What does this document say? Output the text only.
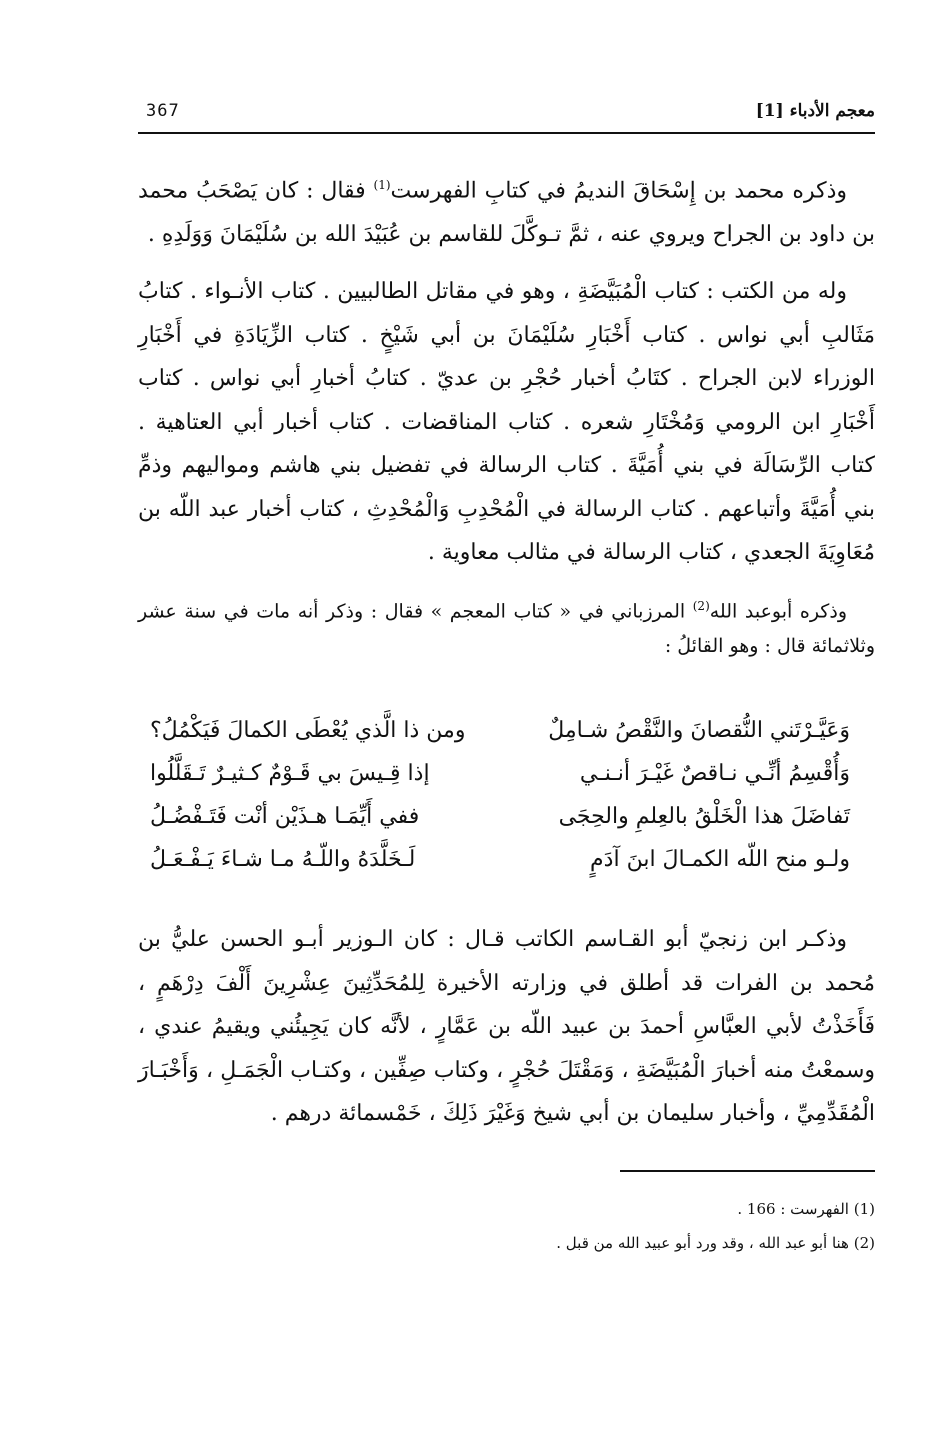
معجم الأدباء [1]
367

وذكره محمد بن إِسْحَاقَ النديمُ في كتابِ الفهرست$^{(1)}$ فقال : كان يَصْحَبُ محمد بن داود بن الجراح ويروي عنه ، ثمَّ تـوكَّلَ للقاسم بن عُبَيْدَ الله بن سُلَيْمَانَ وَوَلَدِهِ .

وله من الكتب : كتاب الْمُبَيَّضَةِ ، وهو في مقاتل الطالبيين . كتاب الأنـواء . كتابُ مَثَالبِ أبي نواس . كتاب أَخْبَارِ سُلَيْمَانَ بن أبي شَيْخٍ . كتاب الزِّيَادَةِ في أَخْبَارِ الوزراء لابن الجراح . كتَابُ أخبار حُجْرِ بن عديّ . كتابُ أخبارِ أبي نواس . كتاب أَخْبَارِ ابن الرومي وَمُخْتَارِ شعره . كتاب المناقضات . كتاب أخبار أبي العتاهية . كتاب الرِّسَالَة في بني أُمَيَّةَ . كتاب الرسالة في تفضيل بني هاشم ومواليهم وذمِّ بني أُمَيَّةَ وأتباعهم . كتاب الرسالة في الْمُحْدِبِ وَالْمُحْدِثِ ، كتاب أخبار عبد اللّه بن مُعَاوِيَةَ الجعدي ، كتاب الرسالة في مثالب معاوية .

وذكره أبوعبد الله$^{(2)}$ المرزباني في « كتاب المعجم » فقال : وذكر أنه مات في سنة عشر وثلاثمائة قال : وهو القائلُ :

وَعَيَّـرْتَني النُّقصانَ والنَّقْصُ شـامِلٌ
ومن ذا الَّذي يُعْطَى الكمالَ فَيَكْمُلُ؟
وَأُقْسِمُ أنِّـي نـاقصٌ غَيْـرَ أنـنـي
إذا قِـيسَ بي قَـوْمٌ كـثيـرٌ تَـقَلَّلُوا
تَفاضَلَ هذا الْخَلْقُ بالعِلمِ والحِجَى
ففي أَيِّمَـا هـذَيْن أنْت فَتَـفْضُـلُ
ولـو منح اللّه الكمـالَ ابنَ آدَمٍ
لَـخَلَّدَهُ واللّـهُ مـا شـاءَ يَـفْـعَـلُ

وذكـر ابن زنجيّ أبو القـاسم الكاتب قـال : كان الـوزير أبـو الحسن عليُّ بن مُحمد بن الفرات قد أطلق في وزارته الأخيرة لِلمُحَدِّثِينَ عِشْرِينَ أَلْفَ دِرْهَمٍ ، فَأَخَذْتُ لأبي العبَّاسِ أحمدَ بن عبيد اللّه بن عَمَّارٍ ، لأنَّه كان يَجِيئُني ويقيمُ عندي ، وسمعْتُ منه أخبارَ الْمُبَيَّضَةِ ، وَمَقْتَلَ حُجْرٍ ، وكتاب صِفِّين ، وكتـاب الْجَمَـلِ ، وَأَخْبَـارَ الْمُقَدِّمِيِّ ، وأخبار سليمان بن أبي شيخ وَغَيْرَ ذَلِكَ ، خَمْسمائة درهم .

(1) الفهرست : 166 .

(2) هنا أبو عبد الله ، وقد ورد أبو عبيد الله من قبل .
